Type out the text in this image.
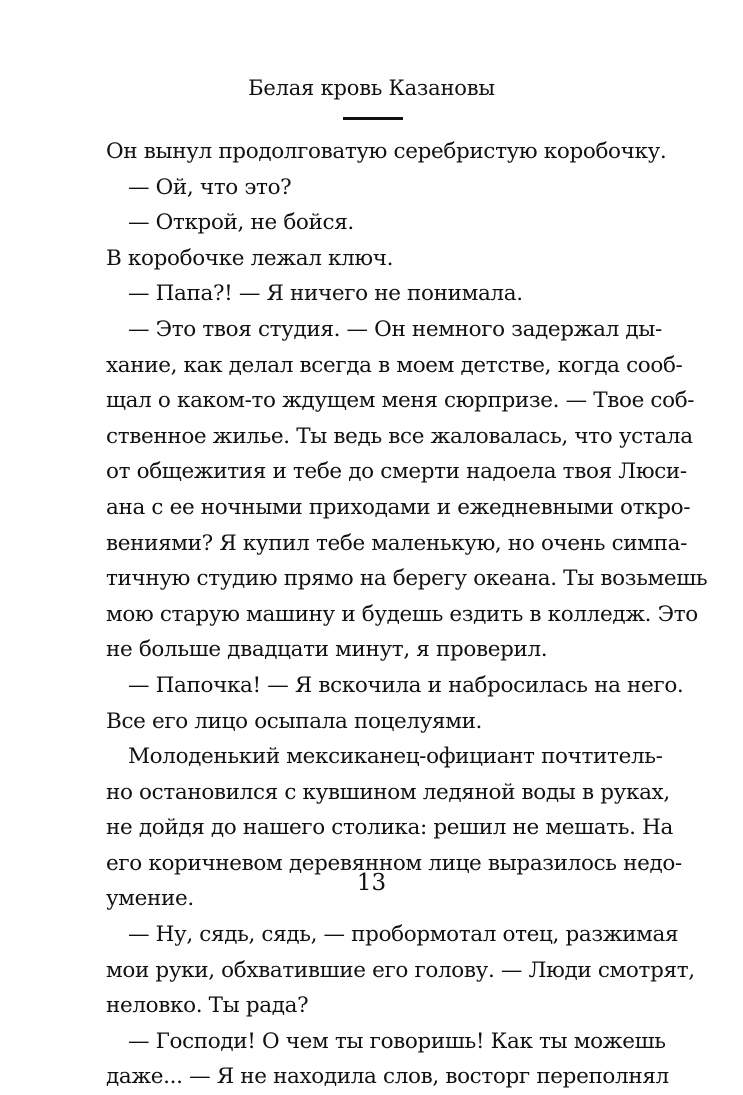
Белая кровь Казановы
Он вынул продолговатую серебристую коробочку.
— Ой, что это?
— Открой, не бойся.
В коробочке лежал ключ.
— Папа?! — Я ничего не понимала.
— Это твоя студия. — Он немного задержал ды-
хание, как делал всегда в моем детстве, когда сооб-
щал о каком-то ждущем меня сюрпризе. — Твое соб-
ственное жилье. Ты ведь все жаловалась, что устала
от общежития и тебе до смерти надоела твоя Люси-
ана с ее ночными приходами и ежедневными откро-
вениями? Я купил тебе маленькую, но очень симпа-
тичную студию прямо на берегу океана. Ты возьмешь
мою старую машину и будешь ездить в колледж. Это
не больше двадцати минут, я проверил.
— Папочка! — Я вскочила и набросилась на него.
Все его лицо осыпала поцелуями.
Молоденький мексиканец-официант почтитель-
но остановился с кувшином ледяной воды в руках,
не дойдя до нашего столика: решил не мешать. На
его коричневом деревянном лице выразилось недо-
умение.
— Ну, сядь, сядь, — пробормотал отец, разжимая
мои руки, обхватившие его голову. — Люди смотрят,
неловко. Ты рада?
— Господи! О чем ты говоришь! Как ты можешь
даже... — Я не находила слов, восторг переполнял
13
